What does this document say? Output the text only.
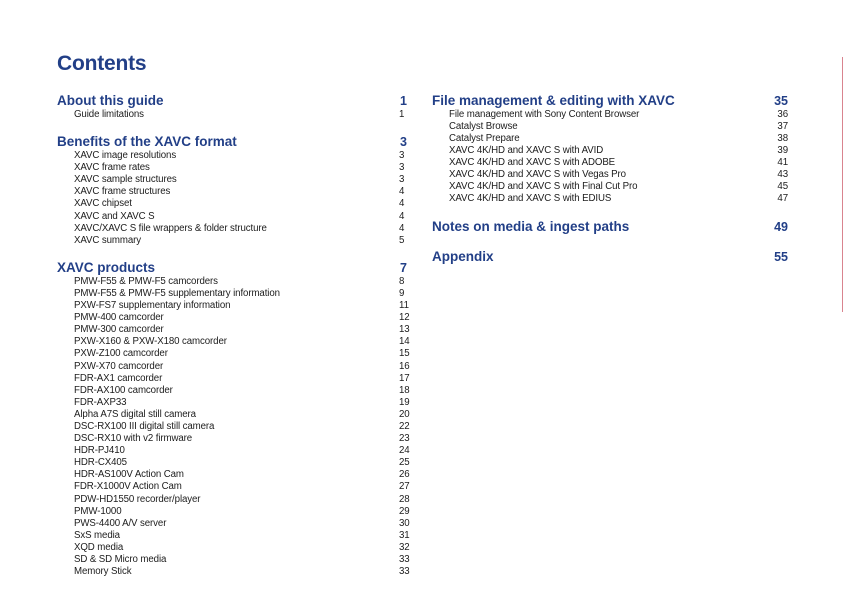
Contents
About this guide	1
Guide limitations	1
Benefits of the XAVC format	3
XAVC image resolutions	3
XAVC frame rates	3
XAVC sample structures	3
XAVC frame structures	4
XAVC chipset	4
XAVC and XAVC S	4
XAVC/XAVC S file wrappers & folder structure	4
XAVC summary	5
XAVC products	7
PMW-F55 & PMW-F5 camcorders	8
PMW-F55 & PMW-F5 supplementary information	9
PXW-FS7 supplementary information	11
PMW-400 camcorder	12
PMW-300 camcorder	13
PXW-X160 & PXW-X180 camcorder	14
PXW-Z100 camcorder	15
PXW-X70 camcorder	16
FDR-AX1 camcorder	17
FDR-AX100 camcorder	18
FDR-AXP33	19
Alpha A7S digital still camera	20
DSC-RX100 III digital still camera	22
DSC-RX10 with v2 firmware	23
HDR-PJ410	24
HDR-CX405	25
HDR-AS100V Action Cam	26
FDR-X1000V Action Cam	27
PDW-HD1550 recorder/player	28
PMW-1000	29
PWS-4400 A/V server	30
SxS media	31
XQD media	32
SD & SD Micro media	33
Memory Stick	33
File management & editing with XAVC	35
File management with Sony Content Browser	36
Catalyst Browse	37
Catalyst Prepare	38
XAVC 4K/HD and XAVC S with AVID	39
XAVC 4K/HD and XAVC S with ADOBE	41
XAVC 4K/HD and XAVC S with Vegas Pro	43
XAVC 4K/HD and XAVC S with Final Cut Pro	45
XAVC 4K/HD and XAVC S with EDIUS	47
Notes on media & ingest paths	49
Appendix	55
